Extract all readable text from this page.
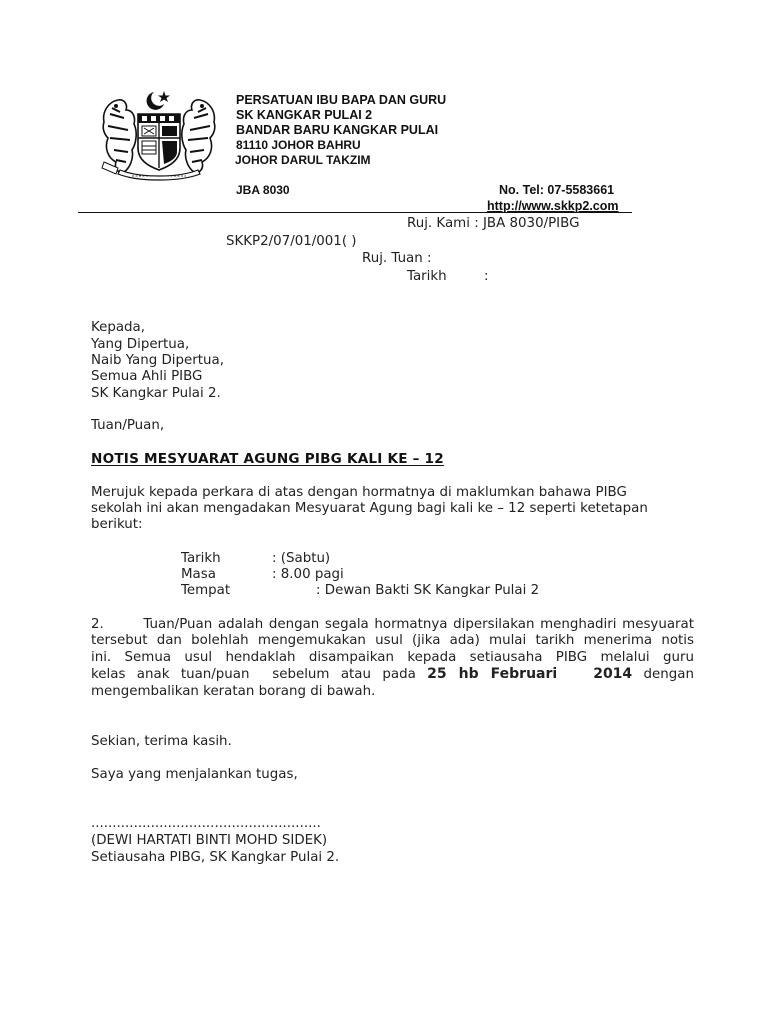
PERSATUAN IBU BAPA DAN GURU
SK KANGKAR PULAI 2
BANDAR BARU KANGKAR PULAI
81110 JOHOR BAHRU
JOHOR DARUL TAKZIM
JBA 8030	No. Tel: 07-5583661
http://www.skkp2.com
Ruj. Kami : JBA 8030/PIBG
SKKP2/07/01/001( )
Ruj. Tuan :
Tarikh	:
Kepada,
Yang Dipertua,
Naib Yang Dipertua,
Semua Ahli PIBG
SK Kangkar Pulai 2.
Tuan/Puan,
NOTIS MESYUARAT AGUNG PIBG KALI KE – 12
Merujuk kepada perkara di atas dengan hormatnya di maklumkan bahawa PIBG
sekolah ini akan mengadakan Mesyuarat Agung bagi kali ke – 12 seperti ketetapan
berikut:
Tarikh	: (Sabtu)
Masa	: 8.00 pagi
Tempat	: Dewan Bakti SK Kangkar Pulai 2
2.       Tuan/Puan adalah dengan segala hormatnya dipersilakan menghadiri mesyuarat
tersebut dan bolehlah mengemukakan usul (jika ada) mulai tarikh menerima notis
ini. Semua usul hendaklah disampaikan kepada setiausaha PIBG melalui guru
kelas anak tuan/puan  sebelum atau pada 25 hb Februari   2014 dengan
mengembalikan keratan borang di bawah.
Sekian, terima kasih.
Saya yang menjalankan tugas,
......................................................
(DEWI HARTATI BINTI MOHD SIDEK)
Setiausaha PIBG, SK Kangkar Pulai 2.
